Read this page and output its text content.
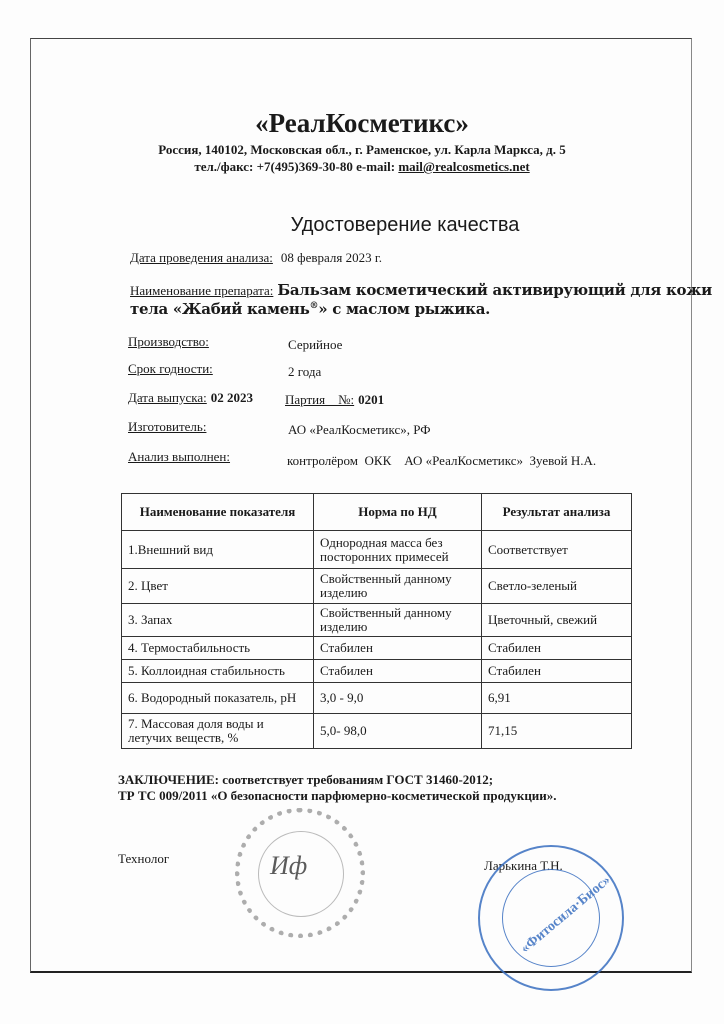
«РеалКосметикс»
Россия, 140102, Московская обл., г. Раменское, ул. Карла Маркса, д. 5
тел./факс: +7(495)369-30-80 e-mail: mail@realcosmetics.net
Удостоверение качества
Дата проведения анализа: 08 февраля 2023 г.
Наименование препарата: Бальзам косметический активирующий для кожи
тела «Жабий камень®» с маслом рыжика.
Производство:	Серийное
Срок годности:	2 года
Дата выпуска: 02 2023 Партия    №: 0201
Изготовитель:	АО «РеалКосметикс», РФ
Анализ выполнен:	контролёром  ОКК    АО «РеалКосметикс»  Зуевой Н.А.
Наименование показателя	Норма по НД	Результат анализа
1.Внешний вид	Однородная масса без посторонних примесей	Соответствует
2. Цвет	Свойственный данному изделию	Светло-зеленый
3. Запах	Свойственный данному изделию	Цветочный, свежий
4. Термостабильность	Стабилен	Стабилен
5. Коллоидная стабильность	Стабилен	Стабилен
6. Водородный показатель, pH	3,0 - 9,0	6,91
7. Массовая доля воды и летучих веществ, %	5,0- 98,0	71,15
ЗАКЛЮЧЕНИЕ: соответствует требованиям ГОСТ 31460-2012;
ТР ТС 009/2011 «О безопасности парфюмерно-косметической продукции».
Технолог	Ларькина Т.Н.
Иф
«Фитосила·Биос»
